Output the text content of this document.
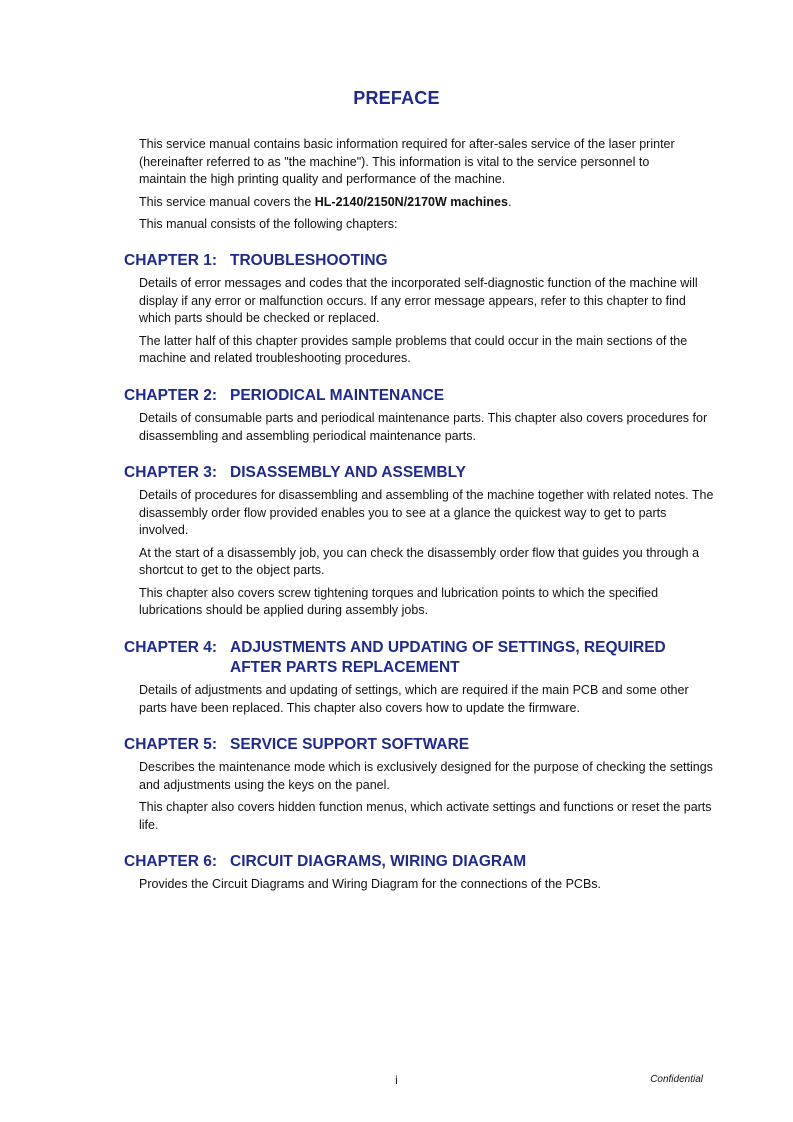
PREFACE

This service manual contains basic information required for after-sales service of the laser printer (hereinafter referred to as "the machine"). This information is vital to the service personnel to maintain the high printing quality and performance of the machine.

This service manual covers the HL-2140/2150N/2170W machines.

This manual consists of the following chapters:

CHAPTER 1: TROUBLESHOOTING

Details of error messages and codes that the incorporated self-diagnostic function of the machine will display if any error or malfunction occurs. If any error message appears, refer to this chapter to find which parts should be checked or replaced.

The latter half of this chapter provides sample problems that could occur in the main sections of the machine and related troubleshooting procedures.

CHAPTER 2: PERIODICAL MAINTENANCE

Details of consumable parts and periodical maintenance parts. This chapter also covers procedures for disassembling and assembling periodical maintenance parts.

CHAPTER 3: DISASSEMBLY AND ASSEMBLY

Details of procedures for disassembling and assembling of the machine together with related notes. The disassembly order flow provided enables you to see at a glance the quickest way to get to parts involved.

At the start of a disassembly job, you can check the disassembly order flow that guides you through a shortcut to get to the object parts.

This chapter also covers screw tightening torques and lubrication points to which the specified lubrications should be applied during assembly jobs.

CHAPTER 4: ADJUSTMENTS AND UPDATING OF SETTINGS, REQUIRED AFTER PARTS REPLACEMENT

Details of adjustments and updating of settings, which are required if the main PCB and some other parts have been replaced. This chapter also covers how to update the firmware.

CHAPTER 5: SERVICE SUPPORT SOFTWARE

Describes the maintenance mode which is exclusively designed for the purpose of checking the settings and adjustments using the keys on the panel.

This chapter also covers hidden function menus, which activate settings and functions or reset the parts life.

CHAPTER 6: CIRCUIT DIAGRAMS, WIRING DIAGRAM

Provides the Circuit Diagrams and Wiring Diagram for the connections of the PCBs.

i	Confidential
